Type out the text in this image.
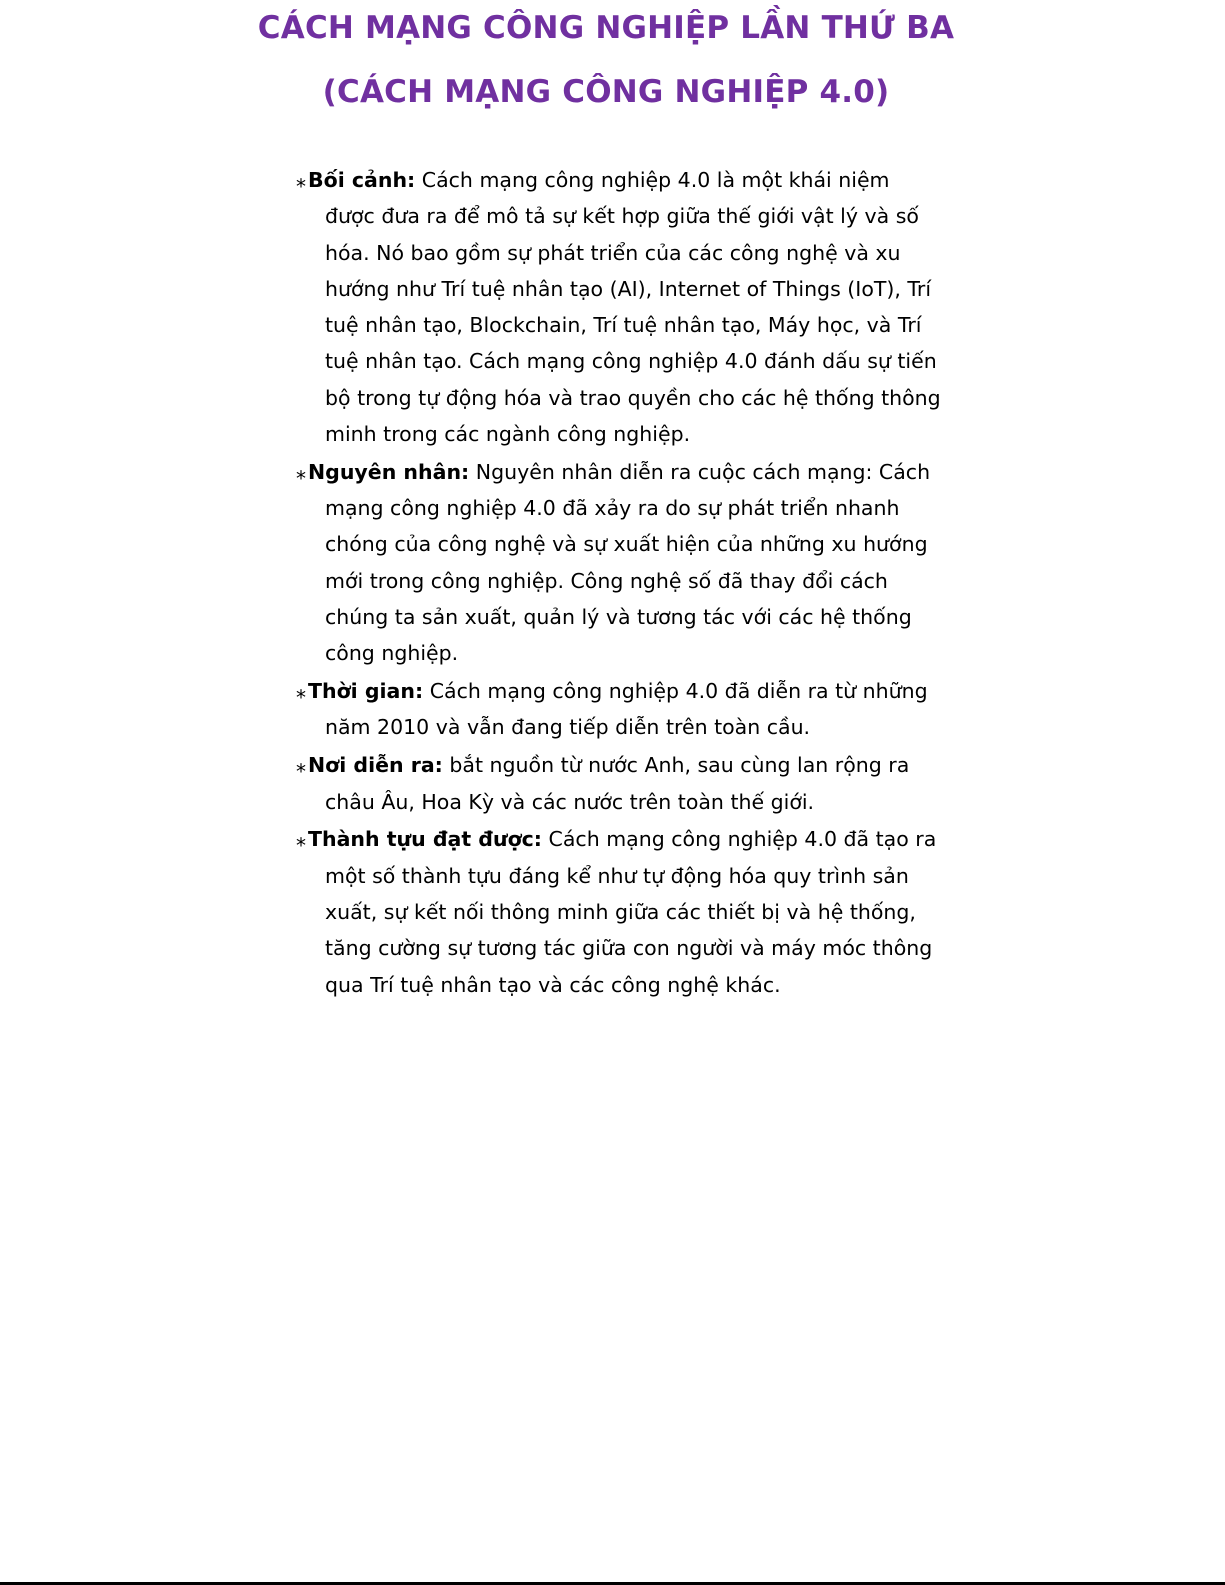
CÁCH MẠNG CÔNG NGHIỆP LẦN THỨ BA
(CÁCH MẠNG CÔNG NGHIỆP 4.0)
⁎ Bối cảnh: Cách mạng công nghiệp 4.0 là một khái niệm được đưa ra để mô tả sự kết hợp giữa thế giới vật lý và số hóa. Nó bao gồm sự phát triển của các công nghệ và xu hướng như Trí tuệ nhân tạo (AI), Internet of Things (IoT), Trí tuệ nhân tạo, Blockchain, Trí tuệ nhân tạo, Máy học, và Trí tuệ nhân tạo. Cách mạng công nghiệp 4.0 đánh dấu sự tiến bộ trong tự động hóa và trao quyền cho các hệ thống thông minh trong các ngành công nghiệp.
⁎ Nguyên nhân: Nguyên nhân diễn ra cuộc cách mạng: Cách mạng công nghiệp 4.0 đã xảy ra do sự phát triển nhanh chóng của công nghệ và sự xuất hiện của những xu hướng mới trong công nghiệp. Công nghệ số đã thay đổi cách chúng ta sản xuất, quản lý và tương tác với các hệ thống công nghiệp.
⁎ Thời gian: Cách mạng công nghiệp 4.0 đã diễn ra từ những năm 2010 và vẫn đang tiếp diễn trên toàn cầu.
⁎ Nơi diễn ra: bắt nguồn từ nước Anh, sau cùng lan rộng ra châu Âu, Hoa Kỳ và các nước trên toàn thế giới.
⁎ Thành tựu đạt được: Cách mạng công nghiệp 4.0 đã tạo ra một số thành tựu đáng kể như tự động hóa quy trình sản xuất, sự kết nối thông minh giữa các thiết bị và hệ thống, tăng cường sự tương tác giữa con người và máy móc thông qua Trí tuệ nhân tạo và các công nghệ khác.
